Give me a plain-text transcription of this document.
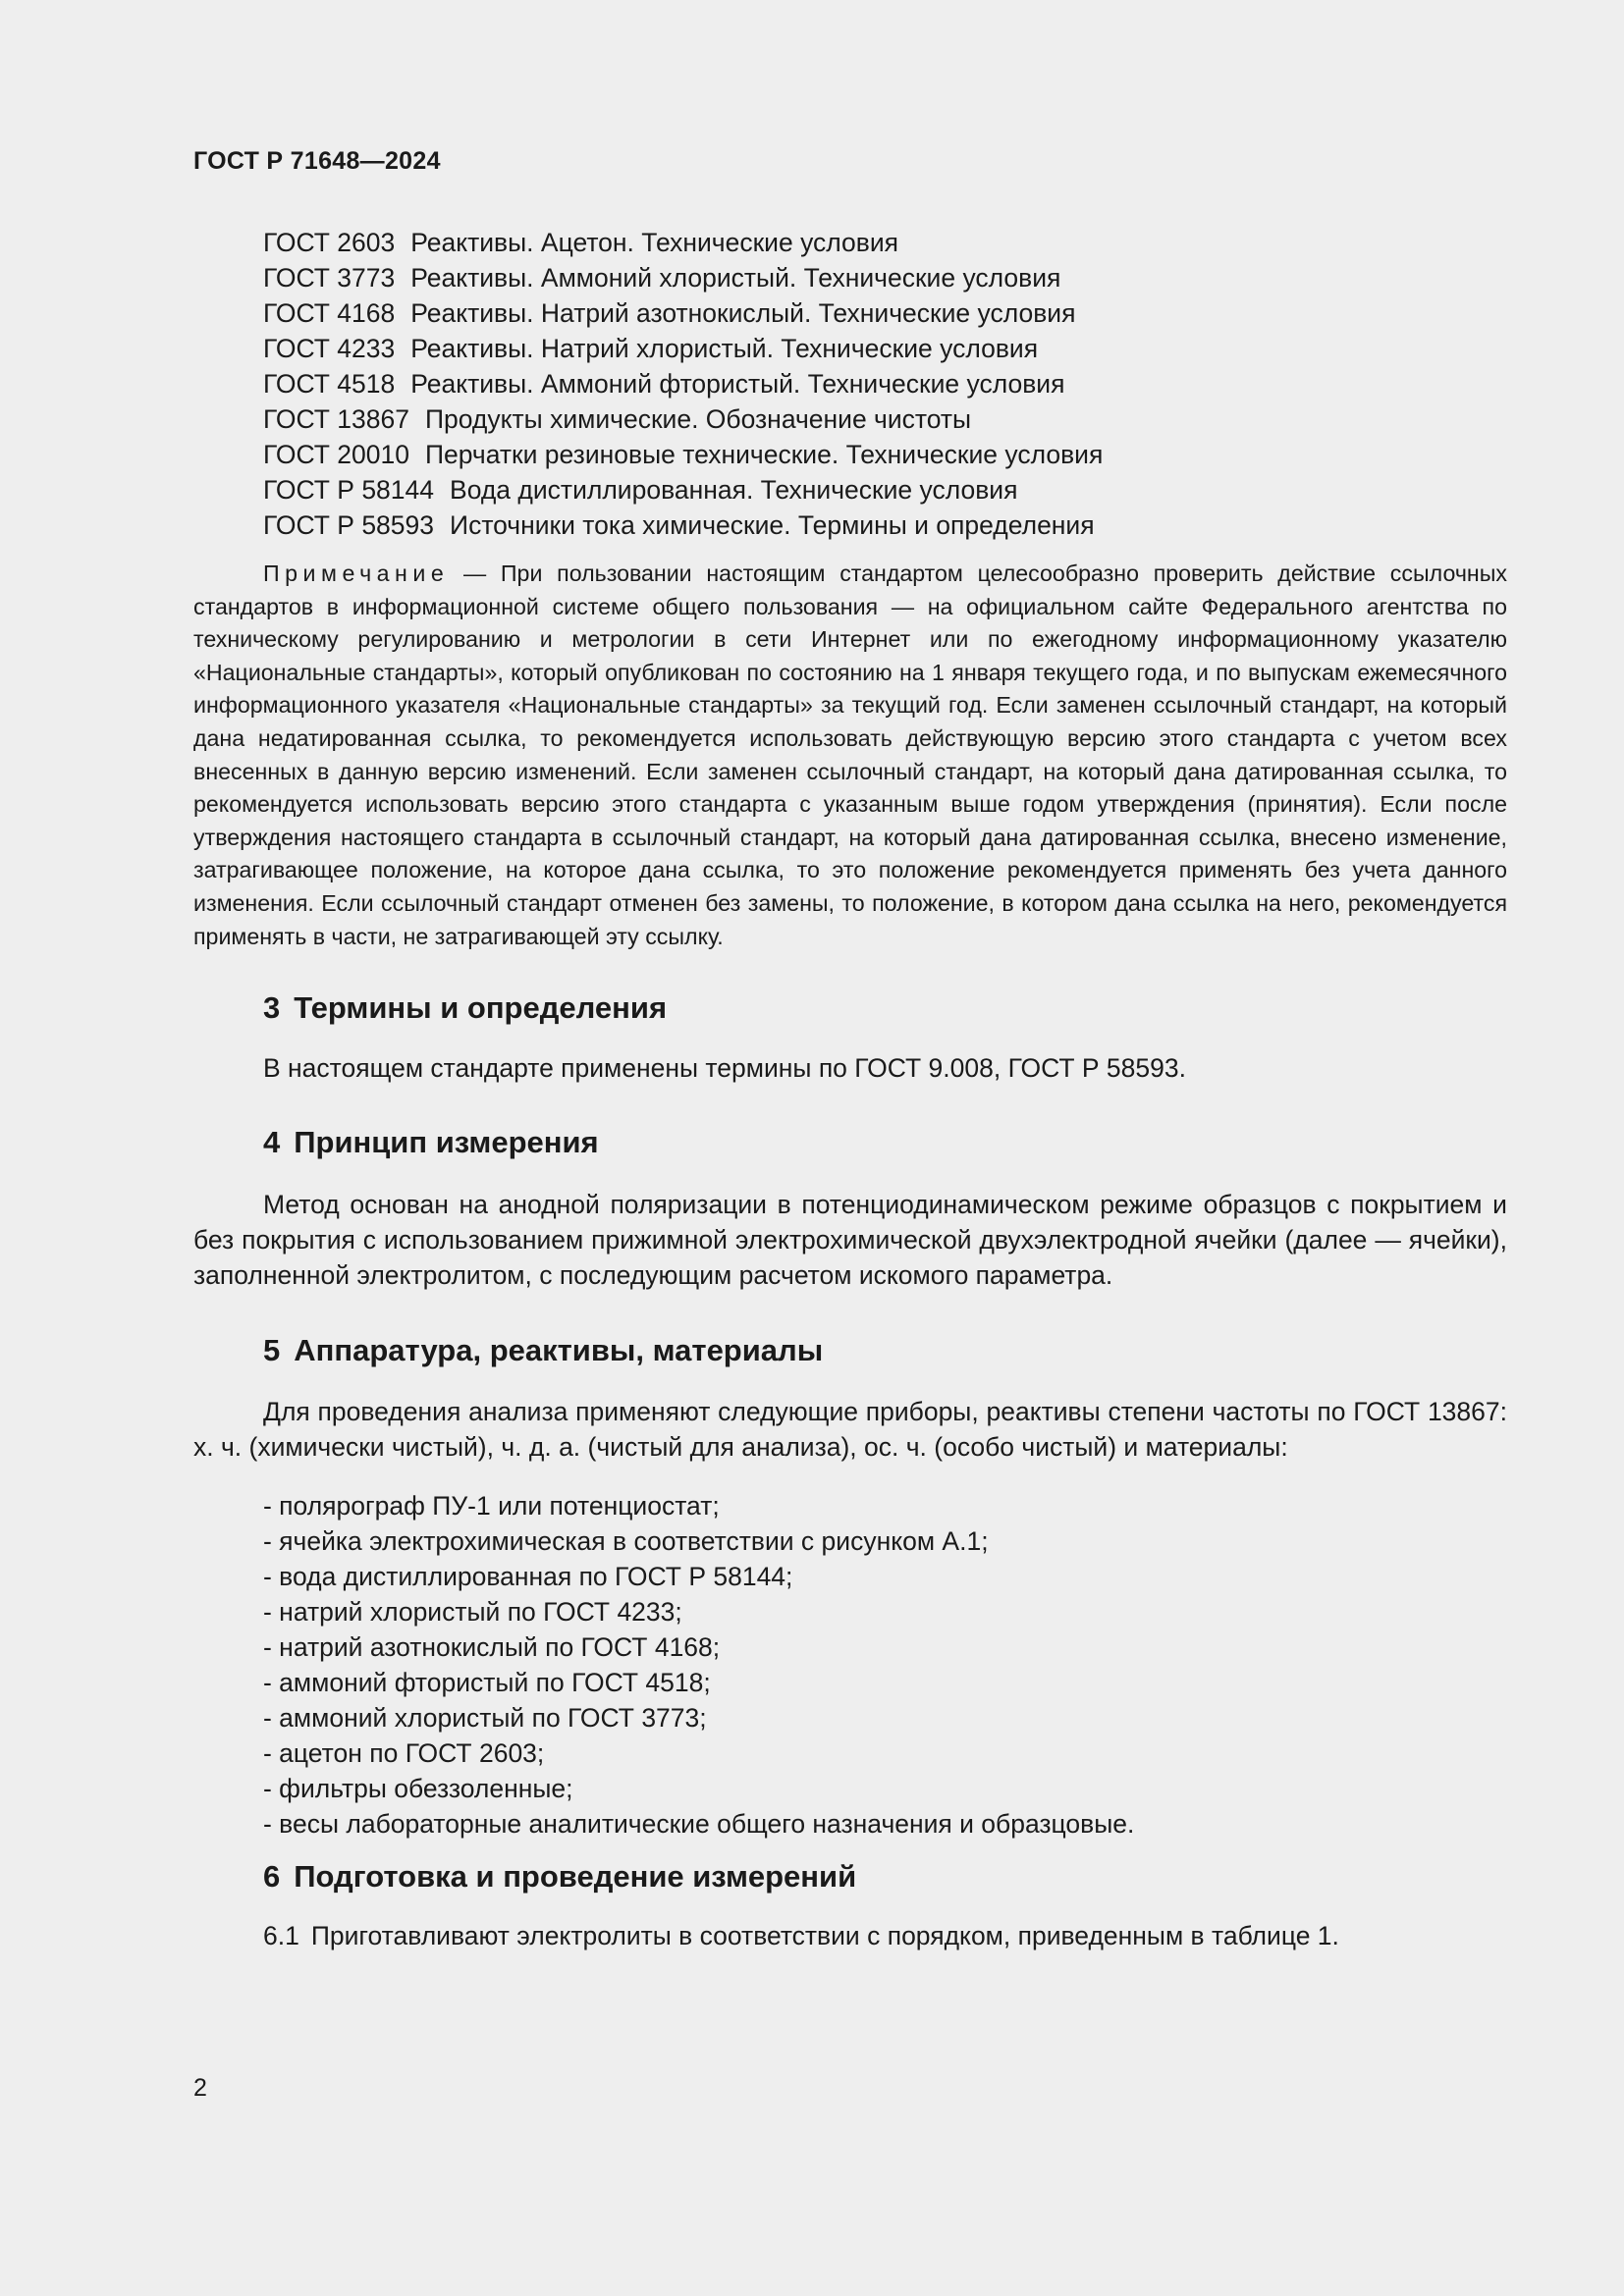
ГОСТ Р 71648—2024
ГОСТ 2603 Реактивы. Ацетон. Технические условия
ГОСТ 3773 Реактивы. Аммоний хлористый. Технические условия
ГОСТ 4168 Реактивы. Натрий азотнокислый. Технические условия
ГОСТ 4233 Реактивы. Натрий хлористый. Технические условия
ГОСТ 4518 Реактивы. Аммоний фтористый. Технические условия
ГОСТ 13867 Продукты химические. Обозначение чистоты
ГОСТ 20010 Перчатки резиновые технические. Технические условия
ГОСТ Р 58144 Вода дистиллированная. Технические условия
ГОСТ Р 58593 Источники тока химические. Термины и определения

Примечание — При пользовании настоящим стандартом целесообразно проверить действие ссылочных стандартов в информационной системе общего пользования — на официальном сайте Федерального агентства по техническому регулированию и метрологии в сети Интернет или по ежегодному информационному указателю «Национальные стандарты», который опубликован по состоянию на 1 января текущего года, и по выпускам ежемесячного информационного указателя «Национальные стандарты» за текущий год. Если заменен ссылочный стандарт, на который дана недатированная ссылка, то рекомендуется использовать действующую версию этого стандарта с учетом всех внесенных в данную версию изменений. Если заменен ссылочный стандарт, на который дана датированная ссылка, то рекомендуется использовать версию этого стандарта с указанным выше годом утверждения (принятия). Если после утверждения настоящего стандарта в ссылочный стандарт, на который дана датированная ссылка, внесено изменение, затрагивающее положение, на которое дана ссылка, то это положение рекомендуется применять без учета данного изменения. Если ссылочный стандарт отменен без замены, то положение, в котором дана ссылка на него, рекомендуется применять в части, не затрагивающей эту ссылку.

3 Термины и определения

В настоящем стандарте применены термины по ГОСТ 9.008, ГОСТ Р 58593.

4 Принцип измерения

Метод основан на анодной поляризации в потенциодинамическом режиме образцов с покрытием и без покрытия с использованием прижимной электрохимической двухэлектродной ячейки (далее — ячейки), заполненной электролитом, с последующим расчетом искомого параметра.

5 Аппаратура, реактивы, материалы

Для проведения анализа применяют следующие приборы, реактивы степени частоты по ГОСТ 13867: х. ч. (химически чистый), ч. д. а. (чистый для анализа), ос. ч. (особо чистый) и материалы:

- полярограф ПУ-1 или потенциостат;
- ячейка электрохимическая в соответствии с рисунком А.1;
- вода дистиллированная по ГОСТ Р 58144;
- натрий хлористый по ГОСТ 4233;
- натрий азотнокислый по ГОСТ 4168;
- аммоний фтористый по ГОСТ 4518;
- аммоний хлористый по ГОСТ 3773;
- ацетон по ГОСТ 2603;
- фильтры обеззоленные;
- весы лабораторные аналитические общего назначения и образцовые.
6 Подготовка и проведение измерений

6.1 Приготавливают электролиты в соответствии с порядком, приведенным в таблице 1.

2
